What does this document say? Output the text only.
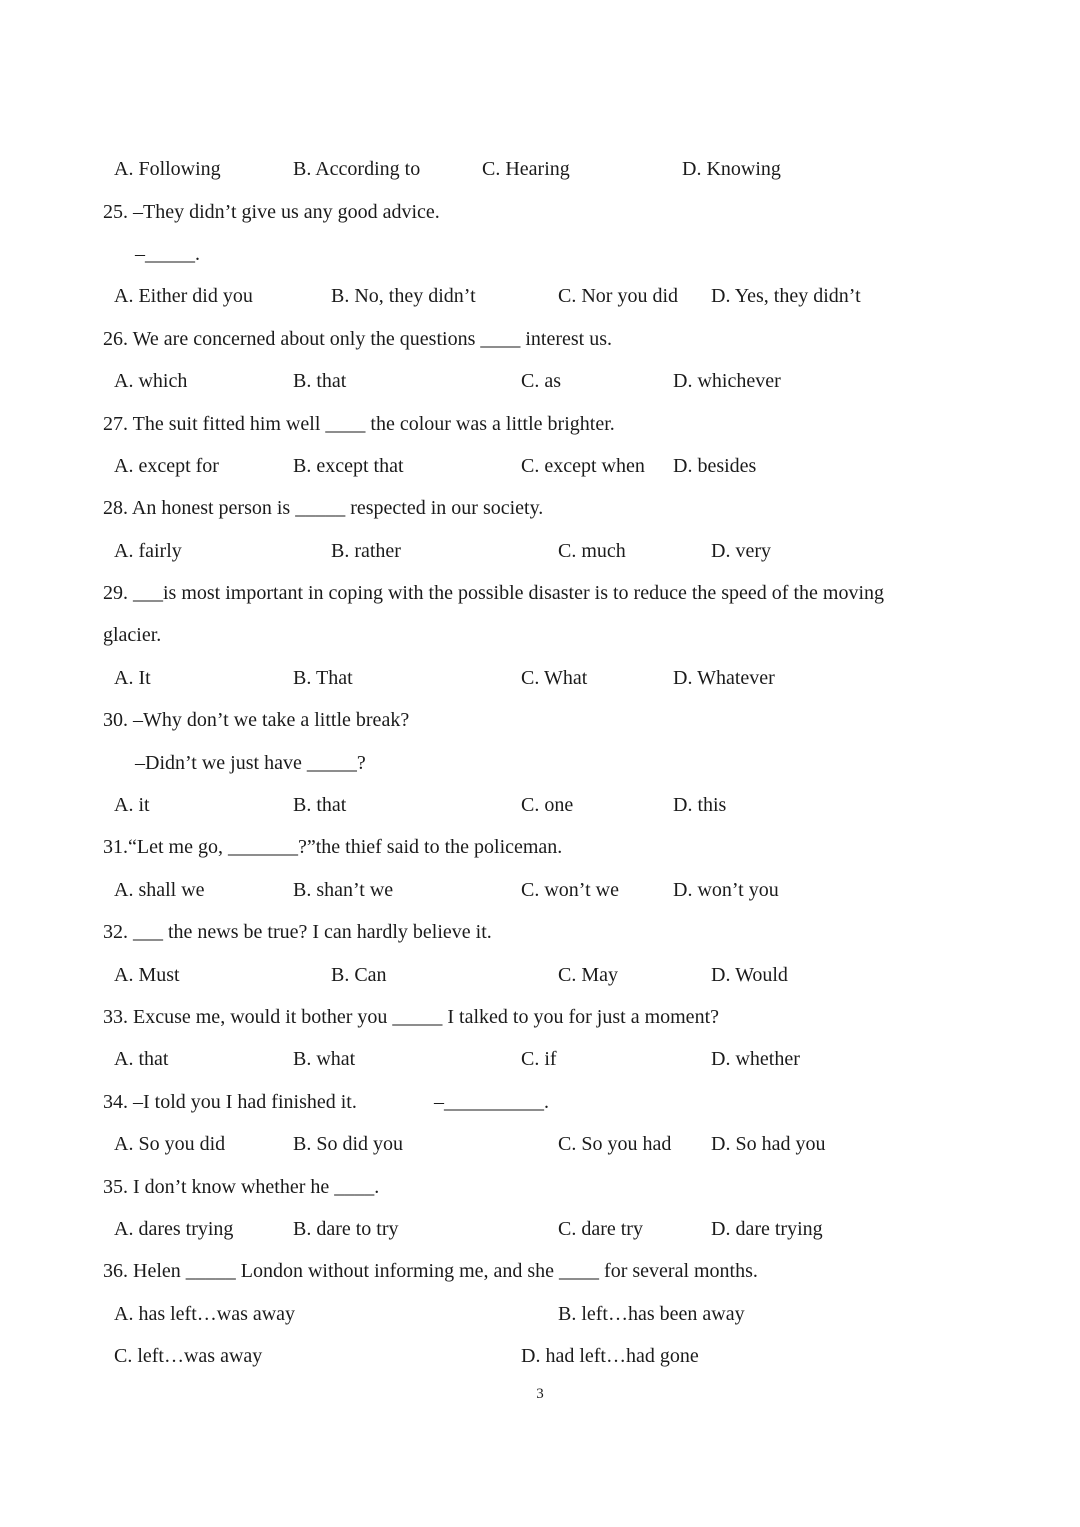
A. Following	B. According to	C. Hearing	D. Knowing
25. –They didn’t give us any good advice.
–_____.
A. Either did you	B. No, they didn’t	C. Nor you did D. Yes, they didn’t
26. We are concerned about only the questions ____ interest us.
A. which	B. that	C. as	D. whichever
27. The suit fitted him well ____ the colour was a little brighter.
A. except for	B. except that	C. except when D. besides
28. An honest person is _____ respected in our society.
A. fairly	B. rather	C. much	D. very
29. ___is most important in coping with the possible disaster is to reduce the speed of the moving
glacier.
A. It	B. That	C. What	D. Whatever
30. –Why don’t we take a little break?
–Didn’t we just have _____?
A. it	B. that	C. one	D. this
31.“Let me go, _______?”the thief said to the policeman.
A. shall we	B. shan’t we	C. won’t we	D. won’t you
32. ___ the news be true? I can hardly believe it.
A. Must	B. Can	C. May	D. Would
33. Excuse me, would it bother you _____ I talked to you for just a moment?
A. that	B. what	C. if	D. whether
34. –I told you I had finished it.	–__________.
A. So you did	B. So did you	C. So you had D. So had you
35. I don’t know whether he ____.
A. dares trying	B. dare to try	C. dare try	D. dare trying
36. Helen _____ London without informing me, and she ____ for several months.
A. has left…was away	B. left…has been away
C. left…was away	D. had left…had gone
3
